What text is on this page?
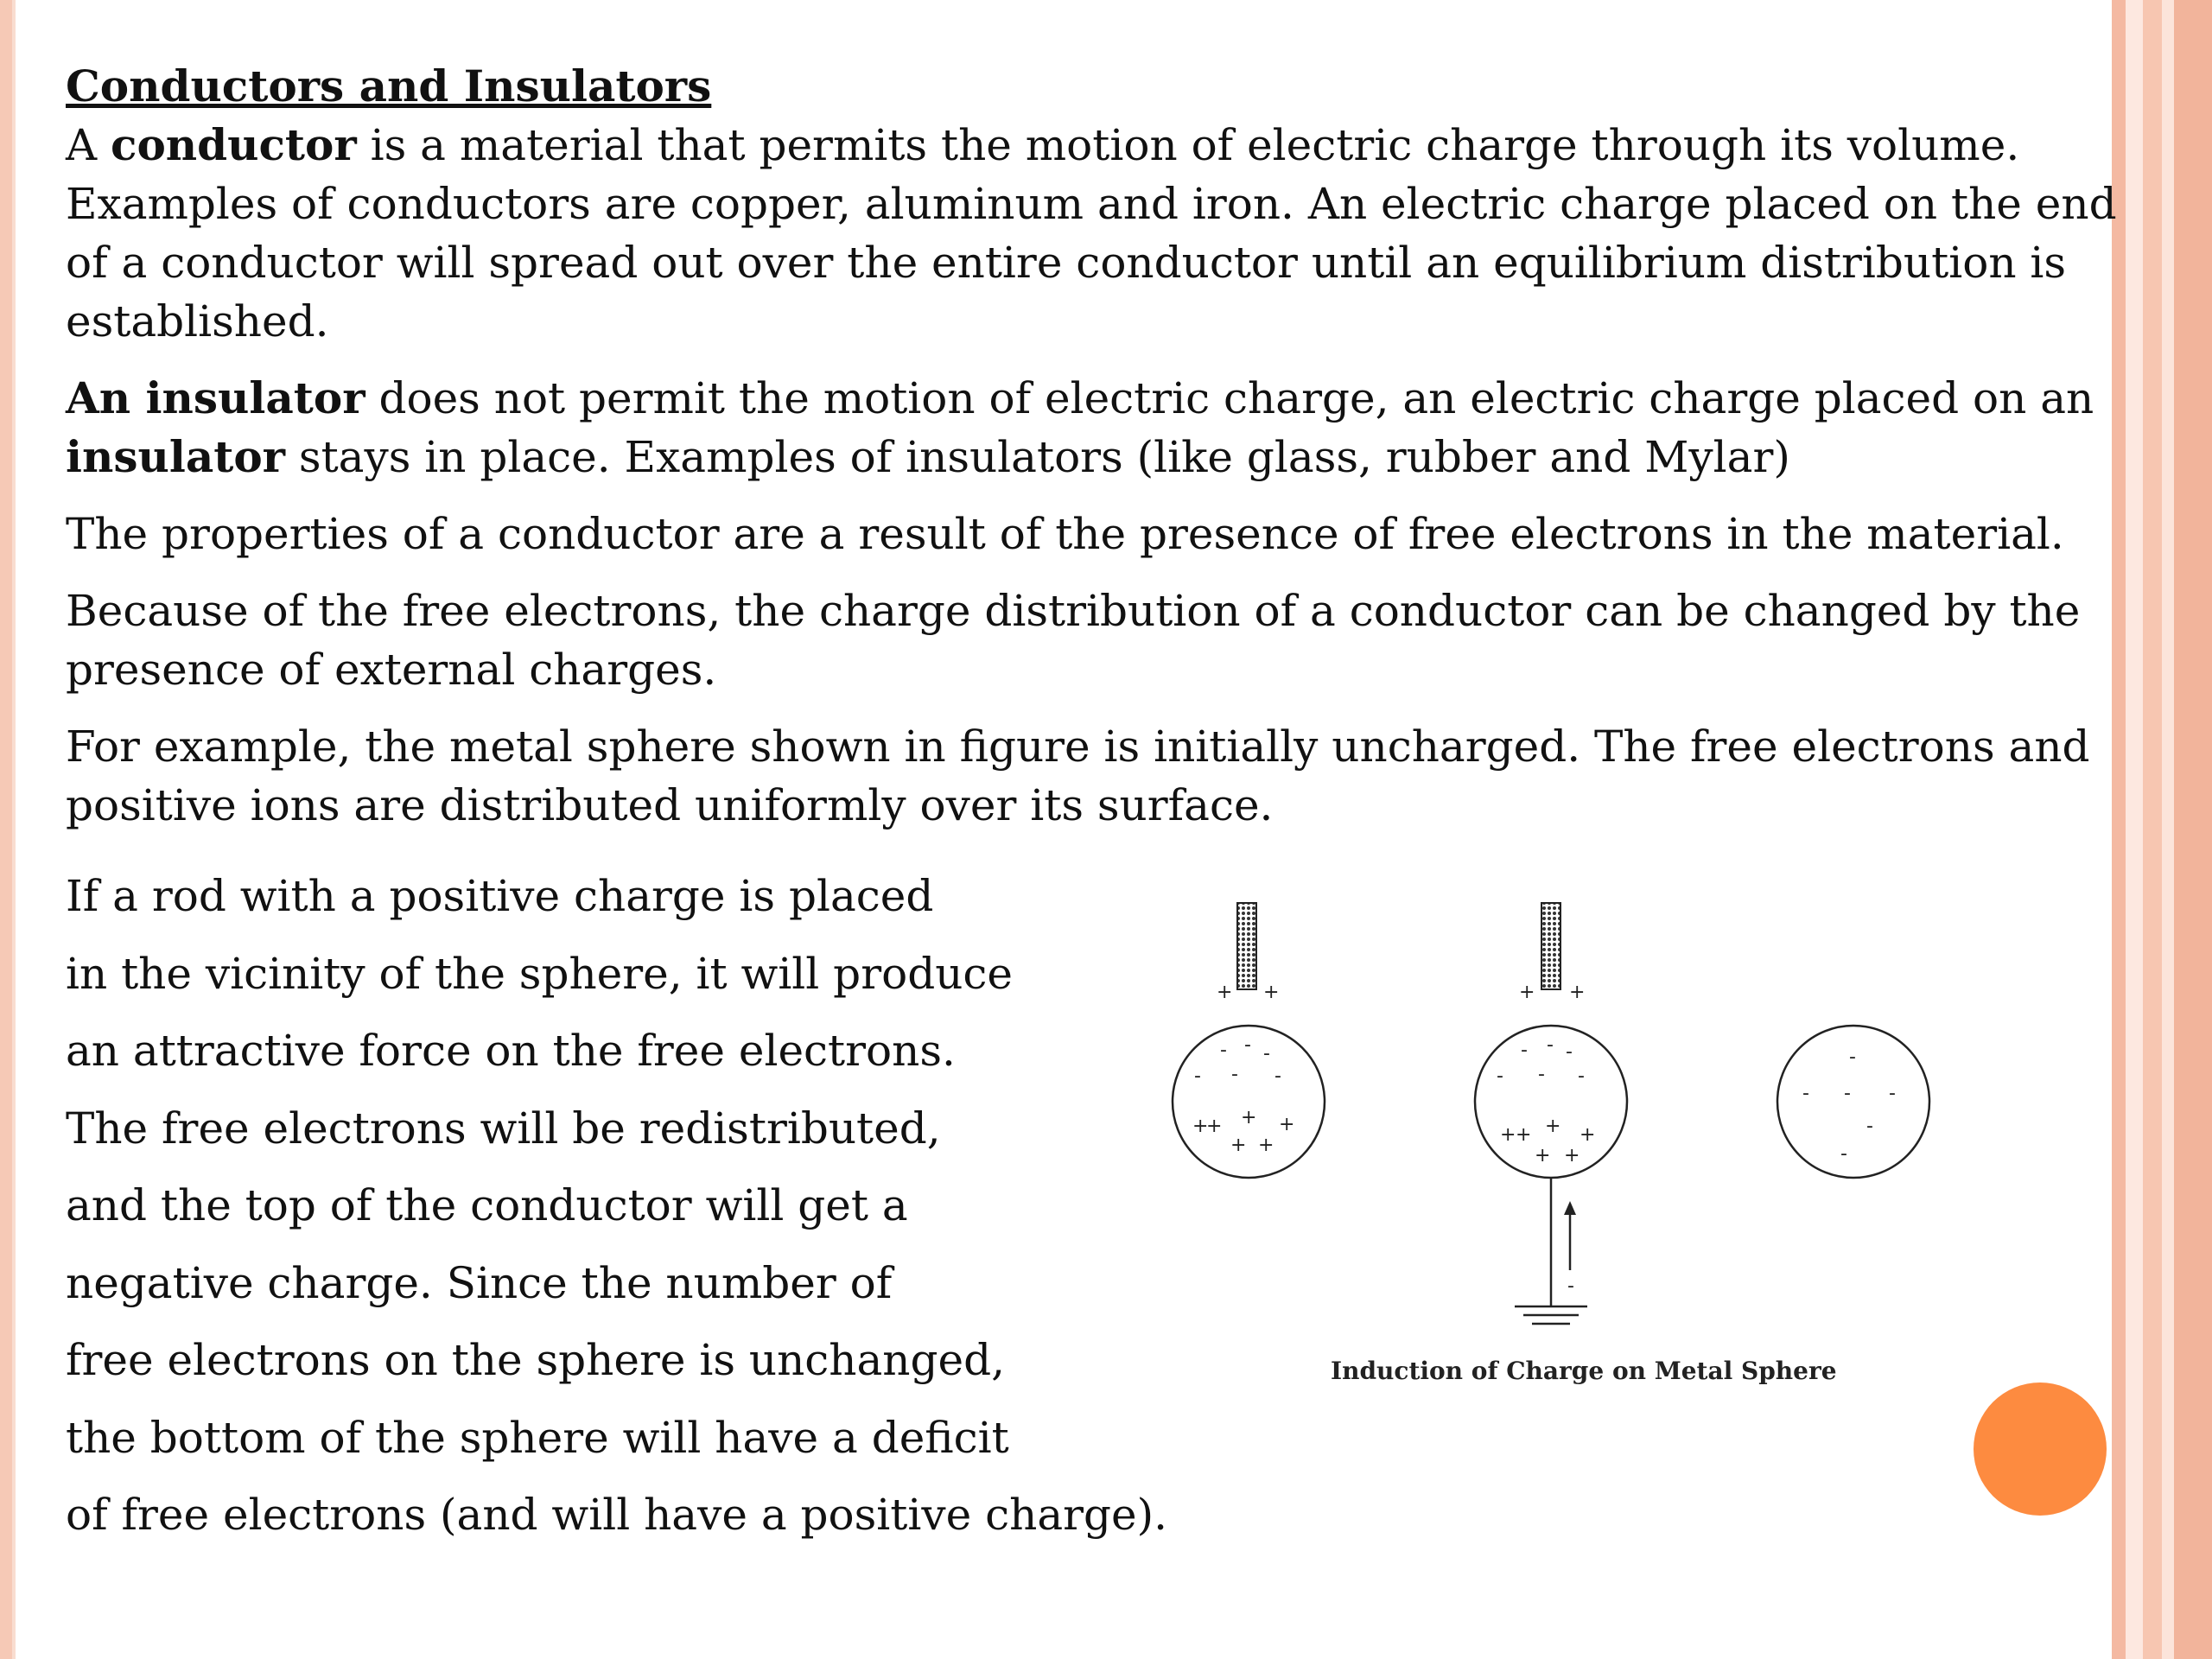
Conductors and Insulators

A conductor is a material that permits the motion of electric charge through its volume. Examples of conductors are copper, aluminum and iron. An electric charge placed on the end of a conductor will spread out over the entire conductor until an equilibrium distribution is established.

An insulator does not permit the motion of electric charge, an electric charge placed on an insulator stays in place. Examples of insulators (like glass, rubber and Mylar)

The properties of a conductor are a result of the presence of free electrons in the material.

Because of the free electrons, the charge distribution of a conductor can be changed by the presence of external charges.

For example, the metal sphere shown in figure is initially uncharged. The free electrons and positive ions are distributed uniformly over its surface.

If a rod with a positive charge is placed
in the vicinity of the sphere, it will produce
an attractive force on the free electrons.
The free electrons will be redistributed,
and the top of the conductor will get a
negative charge. Since the number of
free electrons on the sphere is unchanged,
the bottom of the sphere will have a deficit
of free electrons (and will have a positive charge).
+ +
- - -
- - -
+
+ + +
+ +
+ +
- - -
- - -
+ + + +
+ +
-
-
- - -
-
-
Induction of Charge on Metal Sphere
